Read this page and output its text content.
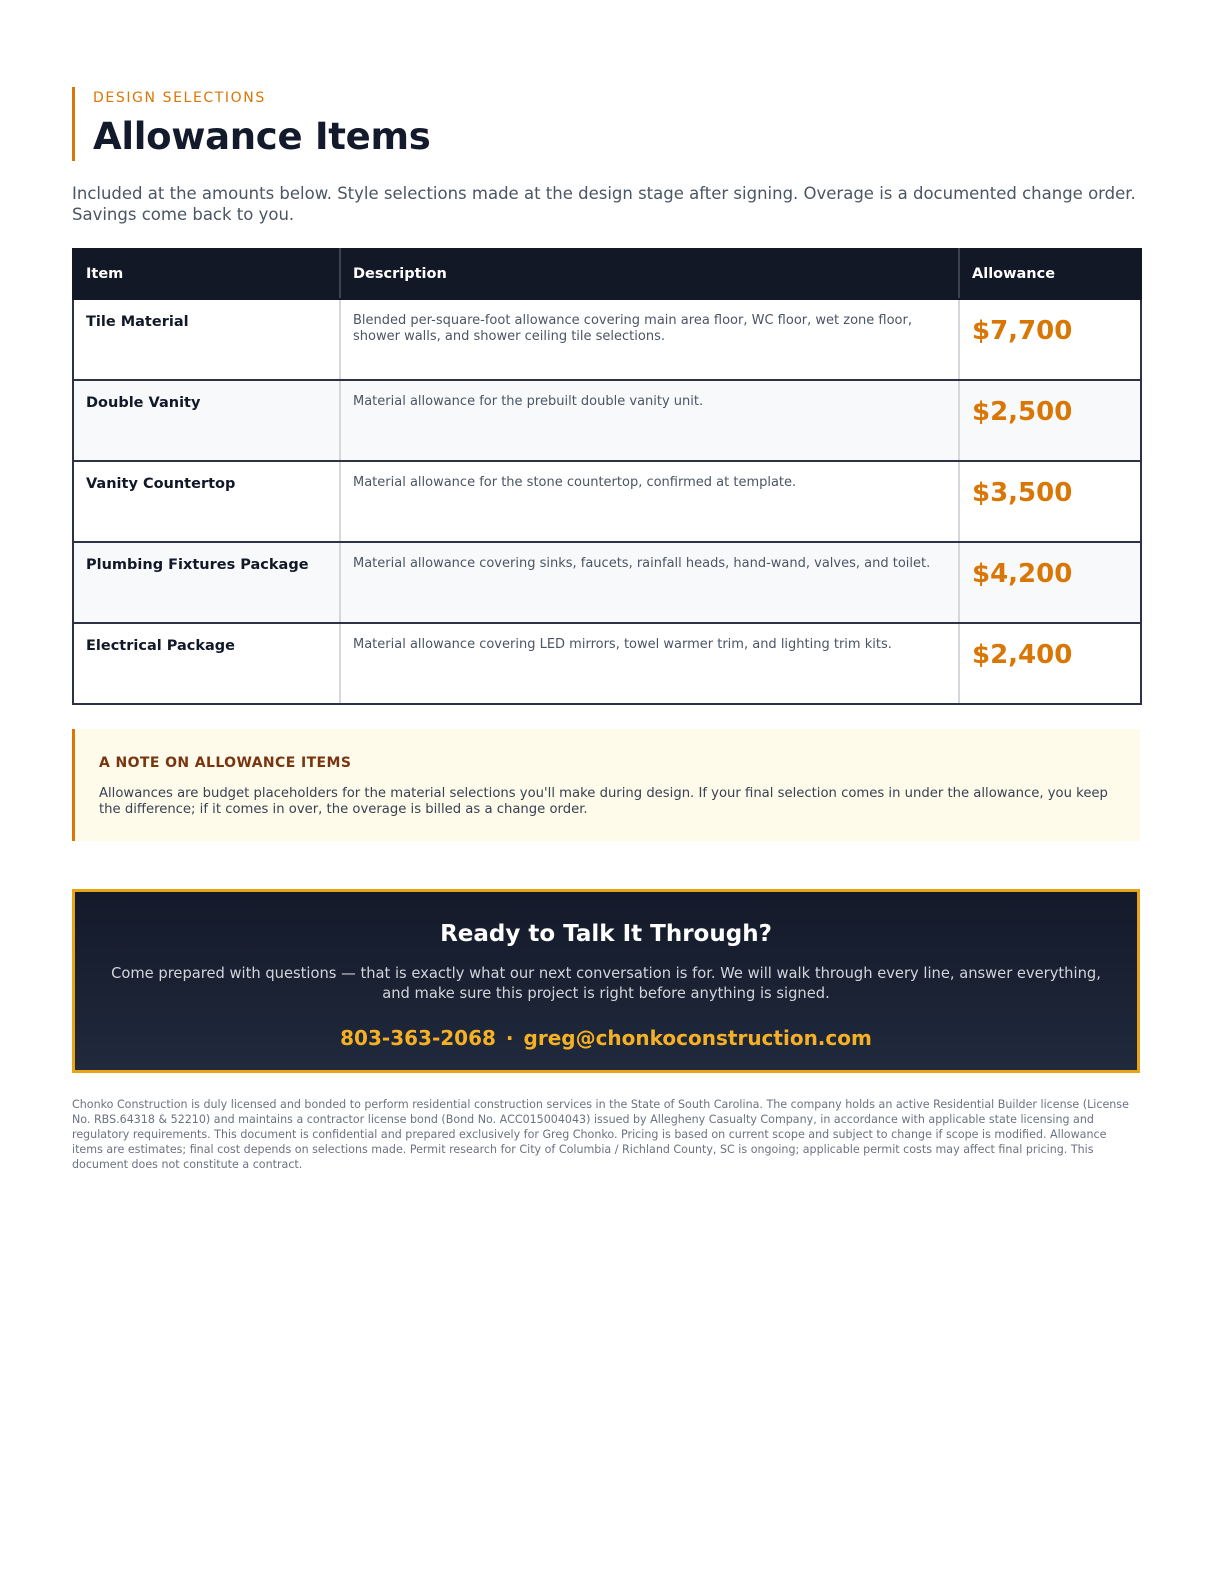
DESIGN SELECTIONS

Allowance Items

Included at the amounts below. Style selections made at the design stage after signing. Overage is a documented change order. Savings come back to you.

Item	Description	Allowance
Tile Material	Blended per-square-foot allowance covering main area floor, WC floor, wet zone floor, shower walls, and shower ceiling tile selections.	$7,700
Double Vanity	Material allowance for the prebuilt double vanity unit.	$2,500
Vanity Countertop	Material allowance for the stone countertop, confirmed at template.	$3,500
Plumbing Fixtures Package	Material allowance covering sinks, faucets, rainfall heads, hand-wand, valves, and toilet.	$4,200
Electrical Package	Material allowance covering LED mirrors, towel warmer trim, and lighting trim kits.	$2,400

A NOTE ON ALLOWANCE ITEMS

Allowances are budget placeholders for the material selections you'll make during design. If your final selection comes in under the allowance, you keep the difference; if it comes in over, the overage is billed as a change order.

Ready to Talk It Through?

Come prepared with questions — that is exactly what our next conversation is for. We will walk through every line, answer everything, and make sure this project is right before anything is signed.

803-363-2068 · greg@chonkoconstruction.com

Chonko Construction is duly licensed and bonded to perform residential construction services in the State of South Carolina. The company holds an active Residential Builder license (License No. RBS.64318 & 52210) and maintains a contractor license bond (Bond No. ACC015004043) issued by Allegheny Casualty Company, in accordance with applicable state licensing and regulatory requirements. This document is confidential and prepared exclusively for Greg Chonko. Pricing is based on current scope and subject to change if scope is modified. Allowance items are estimates; final cost depends on selections made. Permit research for City of Columbia / Richland County, SC is ongoing; applicable permit costs may affect final pricing. This document does not constitute a contract.
